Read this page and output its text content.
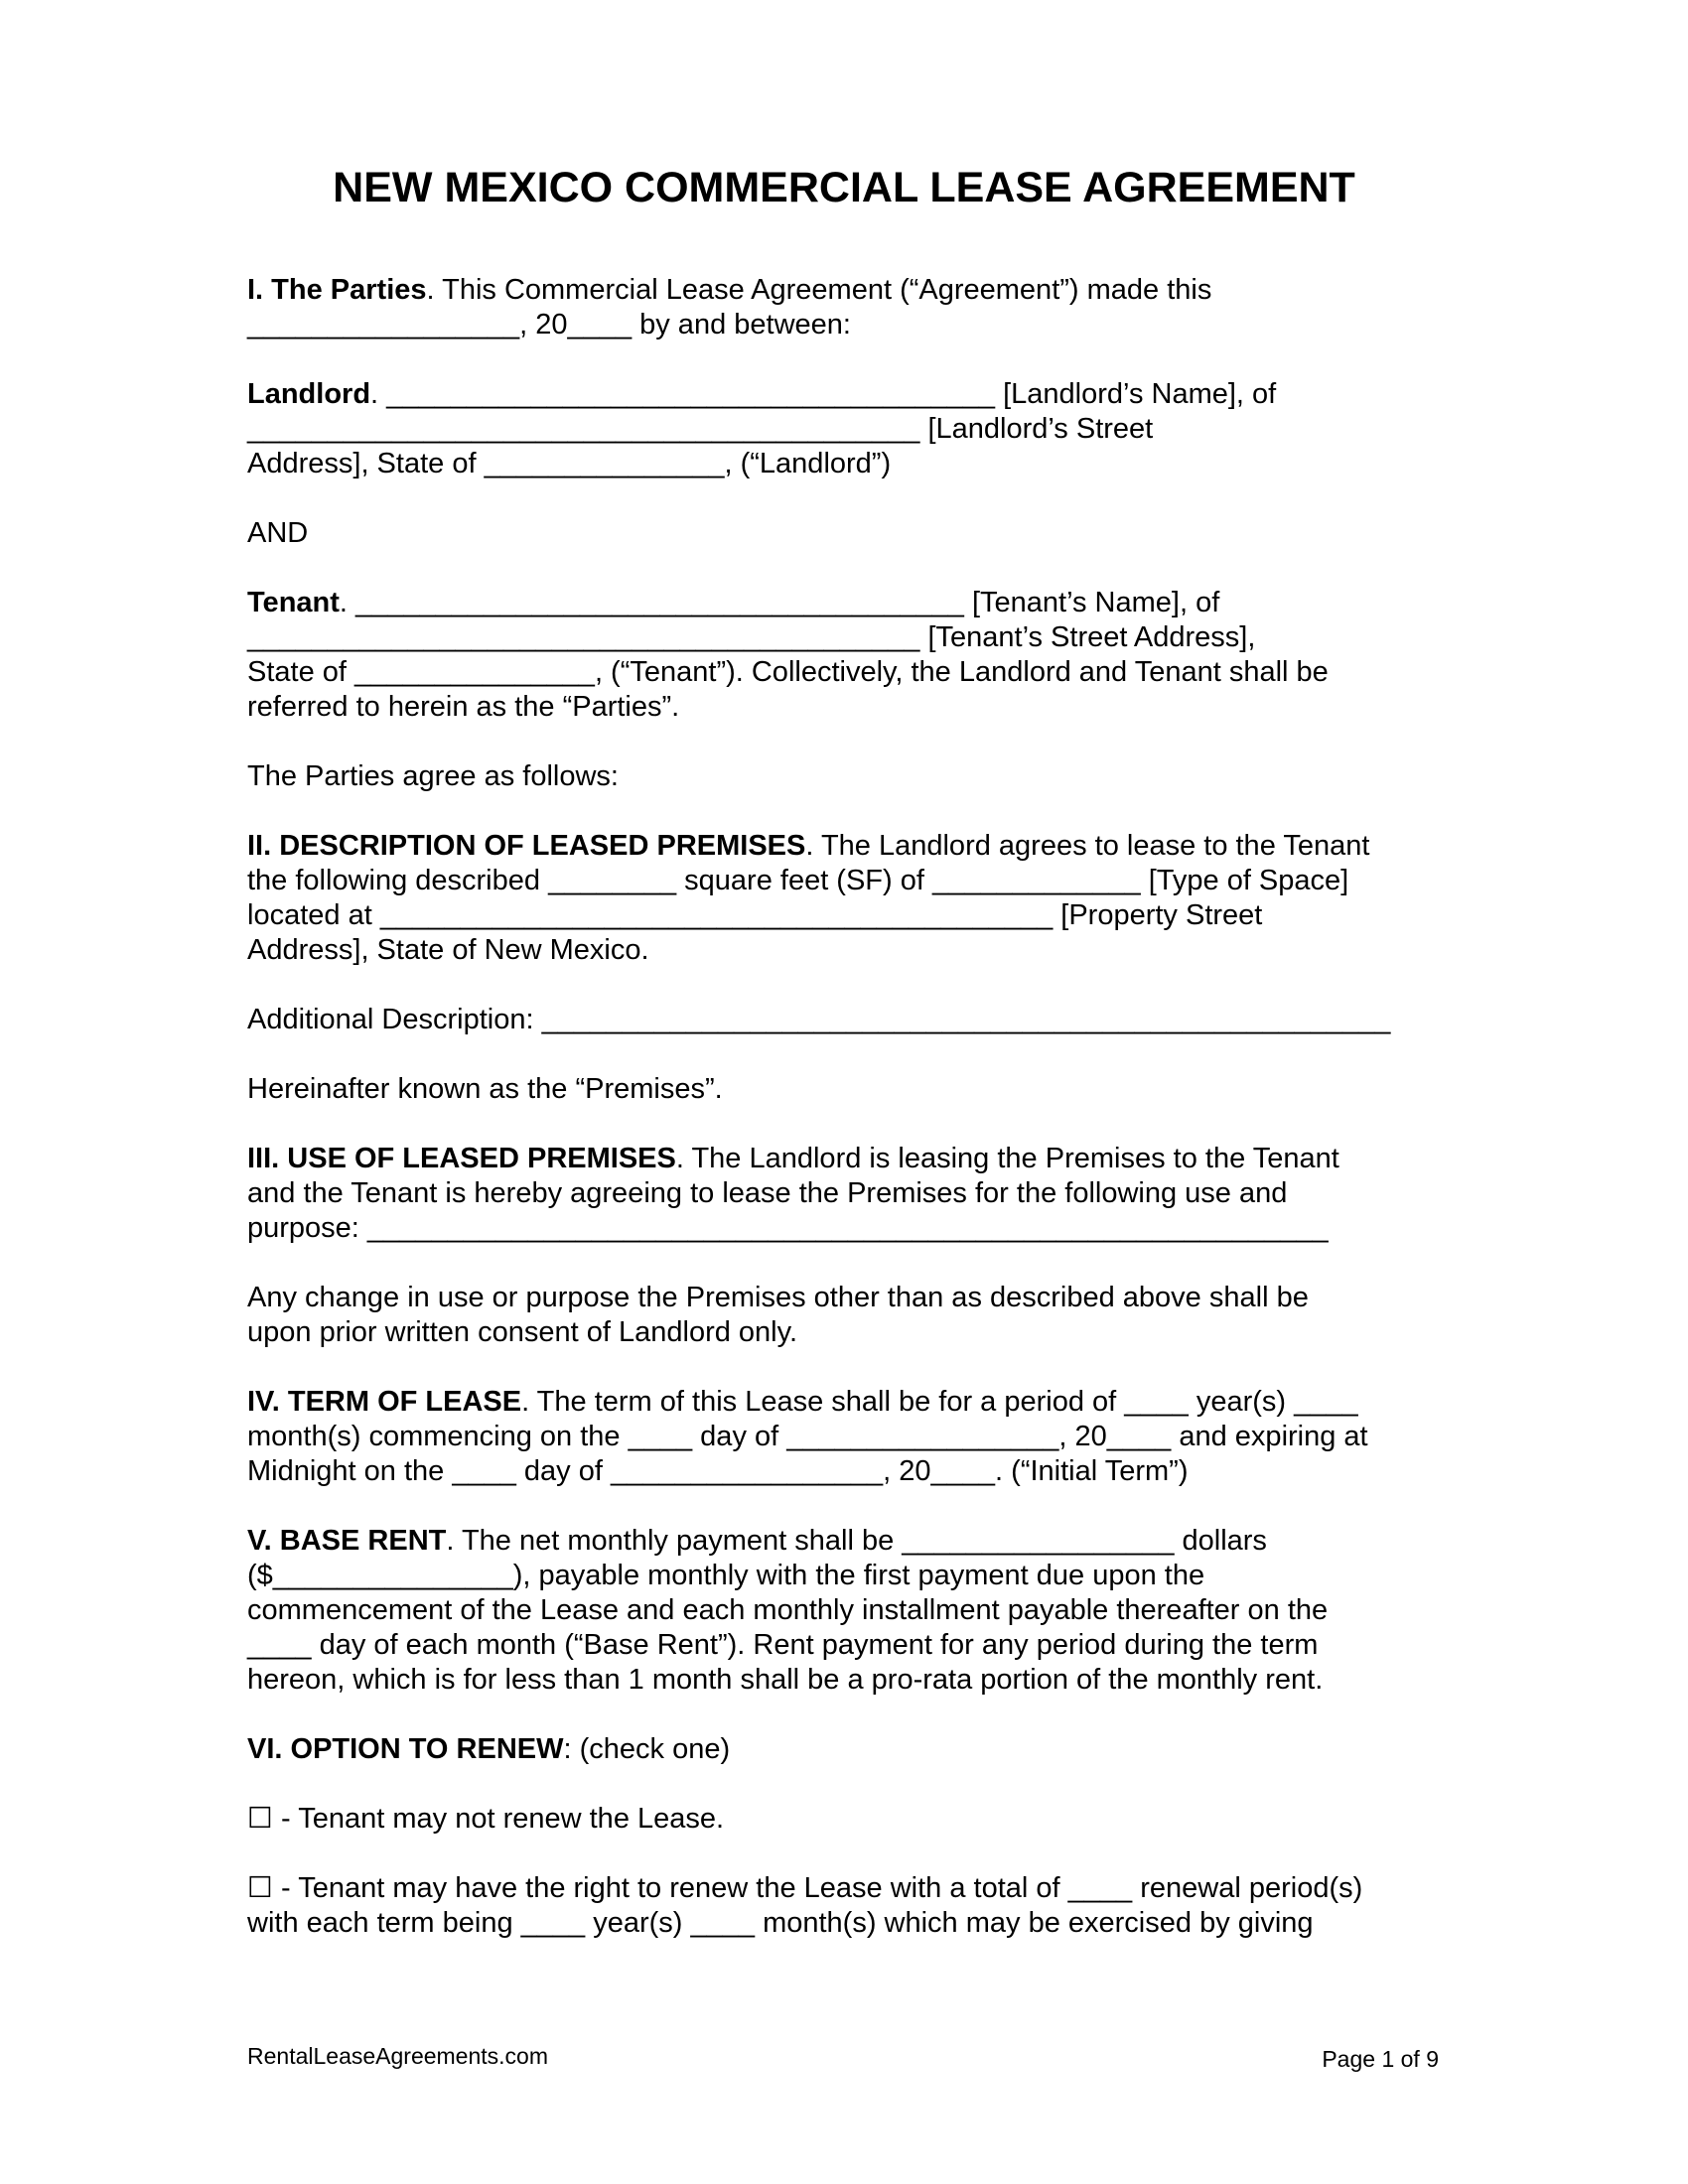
NEW MEXICO COMMERCIAL LEASE AGREEMENT
I. The Parties. This Commercial Lease Agreement (“Agreement”) made this
_________________, 20____ by and between:
Landlord. ______________________________________ [Landlord’s Name], of
__________________________________________ [Landlord’s Street
Address], State of _______________, (“Landlord”)
AND
Tenant. ______________________________________ [Tenant’s Name], of
__________________________________________ [Tenant’s Street Address],
State of _______________, (“Tenant”). Collectively, the Landlord and Tenant shall be
referred to herein as the “Parties”.
The Parties agree as follows:
II. DESCRIPTION OF LEASED PREMISES. The Landlord agrees to lease to the Tenant
the following described ________ square feet (SF) of _____________ [Type of Space]
located at __________________________________________ [Property Street
Address], State of New Mexico.
Additional Description: _____________________________________________________
Hereinafter known as the “Premises”.
III. USE OF LEASED PREMISES. The Landlord is leasing the Premises to the Tenant
and the Tenant is hereby agreeing to lease the Premises for the following use and
purpose: ____________________________________________________________
Any change in use or purpose the Premises other than as described above shall be
upon prior written consent of Landlord only.
IV. TERM OF LEASE. The term of this Lease shall be for a period of ____ year(s) ____
month(s) commencing on the ____ day of _________________, 20____ and expiring at
Midnight on the ____ day of _________________, 20____. (“Initial Term”)
V. BASE RENT. The net monthly payment shall be _________________ dollars
($_______________), payable monthly with the first payment due upon the
commencement of the Lease and each monthly installment payable thereafter on the
____ day of each month (“Base Rent”). Rent payment for any period during the term
hereon, which is for less than 1 month shall be a pro-rata portion of the monthly rent.
VI. OPTION TO RENEW: (check one)
☐ - Tenant may not renew the Lease.
☐ - Tenant may have the right to renew the Lease with a total of ____ renewal period(s)
with each term being ____ year(s) ____ month(s) which may be exercised by giving
RentalLeaseAgreements.com	Page 1 of 9
